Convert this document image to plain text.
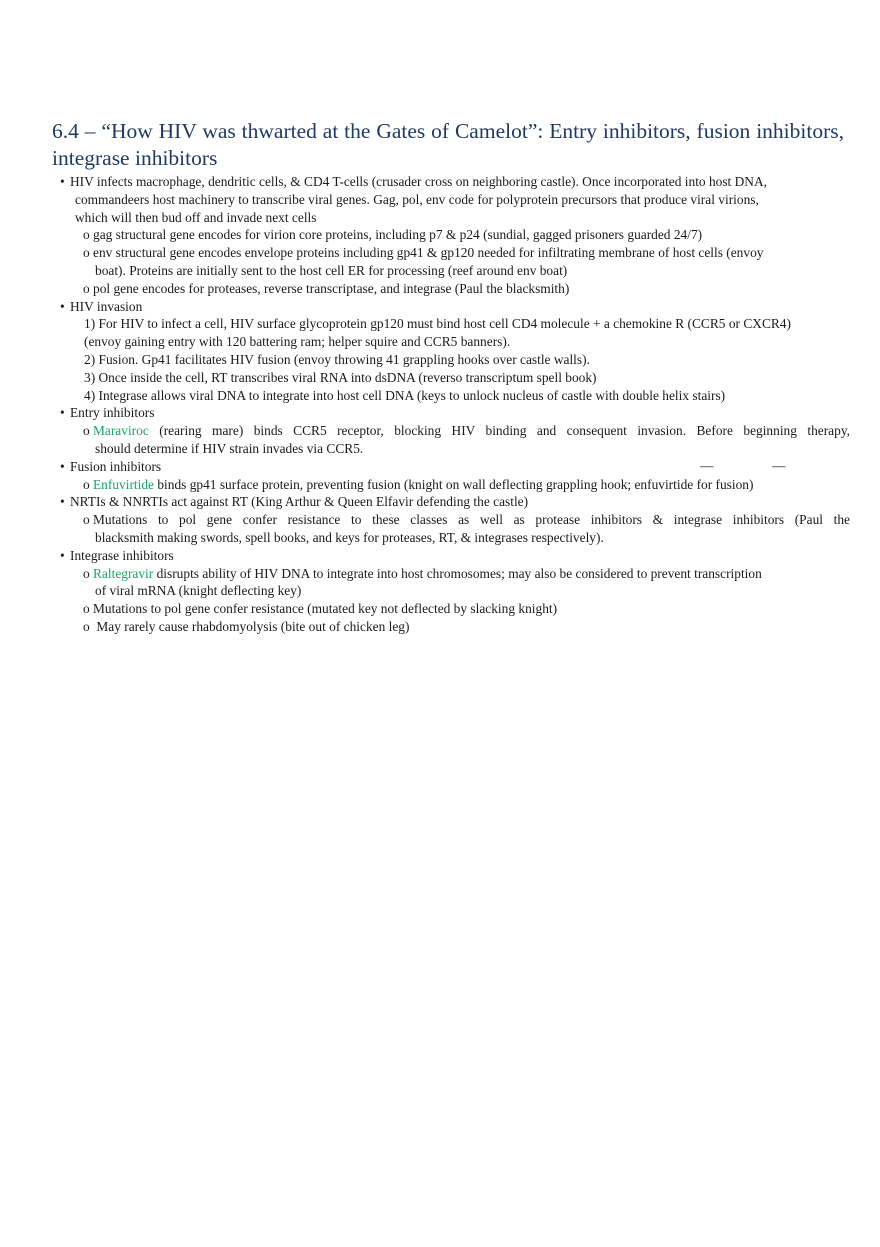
6.4 – “How HIV was thwarted at the Gates of Camelot”: Entry inhibitors, fusion inhibitors, integrase inhibitors
• HIV infects macrophage, dendritic cells, & CD4 T-cells (crusader cross on neighboring castle). Once incorporated into host DNA,
commandeers host machinery to transcribe viral genes. Gag, pol, env code for polyprotein precursors that produce viral virions,
which will then bud off and invade next cells
o gag structural gene encodes for virion core proteins, including p7 & p24 (sundial, gagged prisoners guarded 24/7)
o env structural gene encodes envelope proteins including gp41 & gp120 needed for infiltrating membrane of host cells (envoy
boat). Proteins are initially sent to the host cell ER for processing (reef around env boat)
o pol gene encodes for proteases, reverse transcriptase, and integrase (Paul the blacksmith)
• HIV invasion
1) For HIV to infect a cell, HIV surface glycoprotein gp120 must bind host cell CD4 molecule + a chemokine R (CCR5 or CXCR4)
(envoy gaining entry with 120 battering ram; helper squire and CCR5 banners).
2) Fusion. Gp41 facilitates HIV fusion (envoy throwing 41 grappling hooks over castle walls).
3) Once inside the cell, RT transcribes viral RNA into dsDNA (reverso transcriptum spell book)
4) Integrase allows viral DNA to integrate into host cell DNA (keys to unlock nucleus of castle with double helix stairs)
• Entry inhibitors
o Maraviroc (rearing mare) binds CCR5 receptor, blocking HIV binding and consequent invasion. Before beginning therapy,
should determine if HIV strain invades via CCR5.
• Fusion inhibitors	—	—
o Enfuvirtide binds gp41 surface protein, preventing fusion (knight on wall deflecting grappling hook; enfuvirtide for fusion)
• NRTIs & NNRTIs act against RT (King Arthur & Queen Elfavir defending the castle)
o Mutations to pol gene confer resistance to these classes as well as protease inhibitors & integrase inhibitors (Paul the
blacksmith making swords, spell books, and keys for proteases, RT, & integrases respectively).
• Integrase inhibitors
o Raltegravir disrupts ability of HIV DNA to integrate into host chromosomes; may also be considered to prevent transcription
of viral mRNA (knight deflecting key)
o Mutations to pol gene confer resistance (mutated key not deflected by slacking knight)
o May rarely cause rhabdomyolysis (bite out of chicken leg)
